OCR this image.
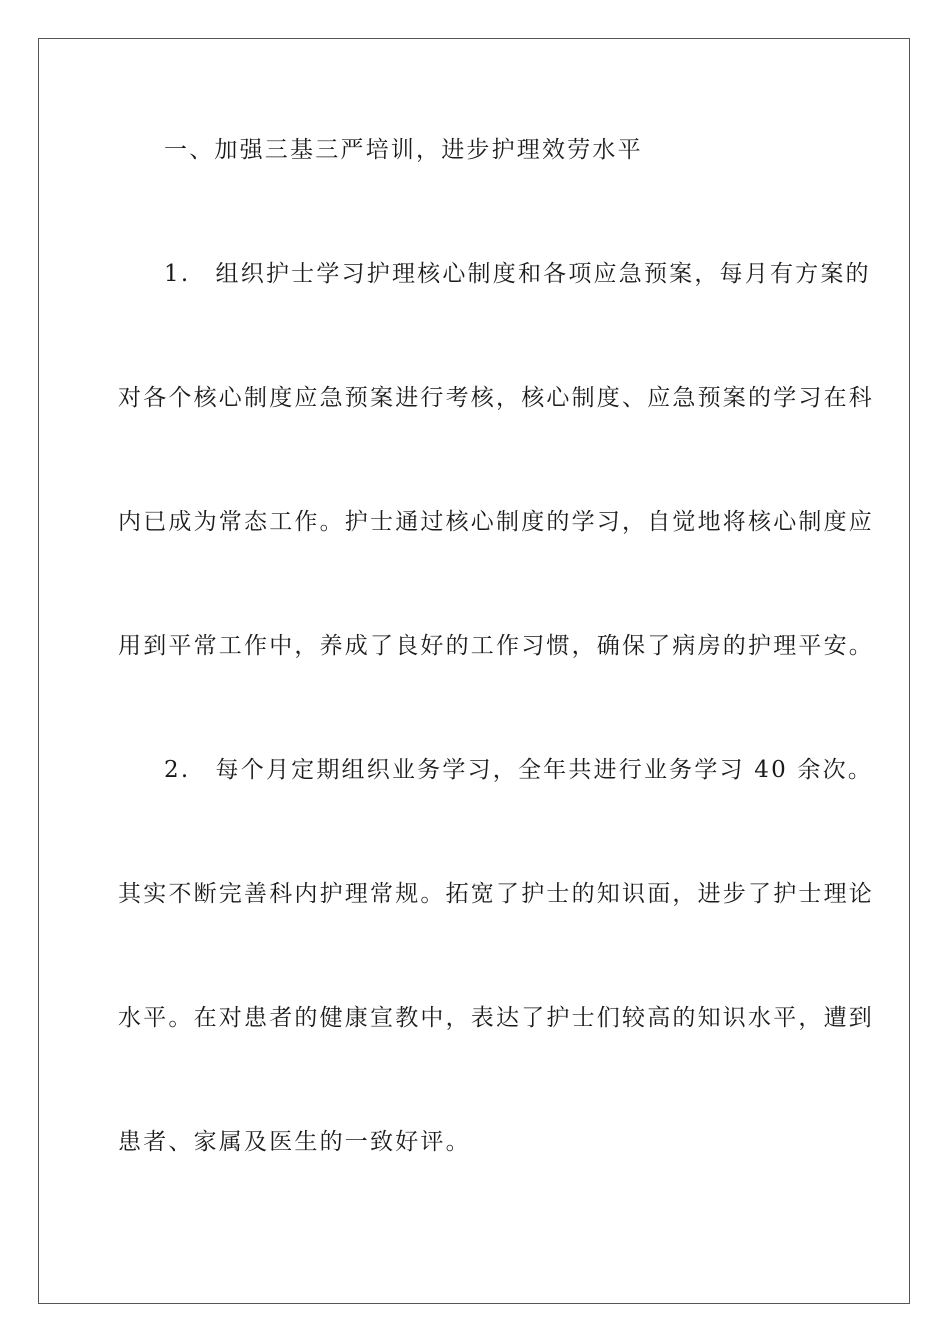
一、加强三基三严培训，进步护理效劳水平
1.　组织护士学习护理核心制度和各项应急预案，每月有方案的
对各个核心制度应急预案进行考核，核心制度、应急预案的学习在科
内已成为常态工作。护士通过核心制度的学习，自觉地将核心制度应
用到平常工作中，养成了良好的工作习惯，确保了病房的护理平安。
2.　每个月定期组织业务学习，全年共进行业务学习 40 余次。
其实不断完善科内护理常规。拓宽了护士的知识面，进步了护士理论
水平。在对患者的健康宣教中，表达了护士们较高的知识水平，遭到
患者、家属及医生的一致好评。
